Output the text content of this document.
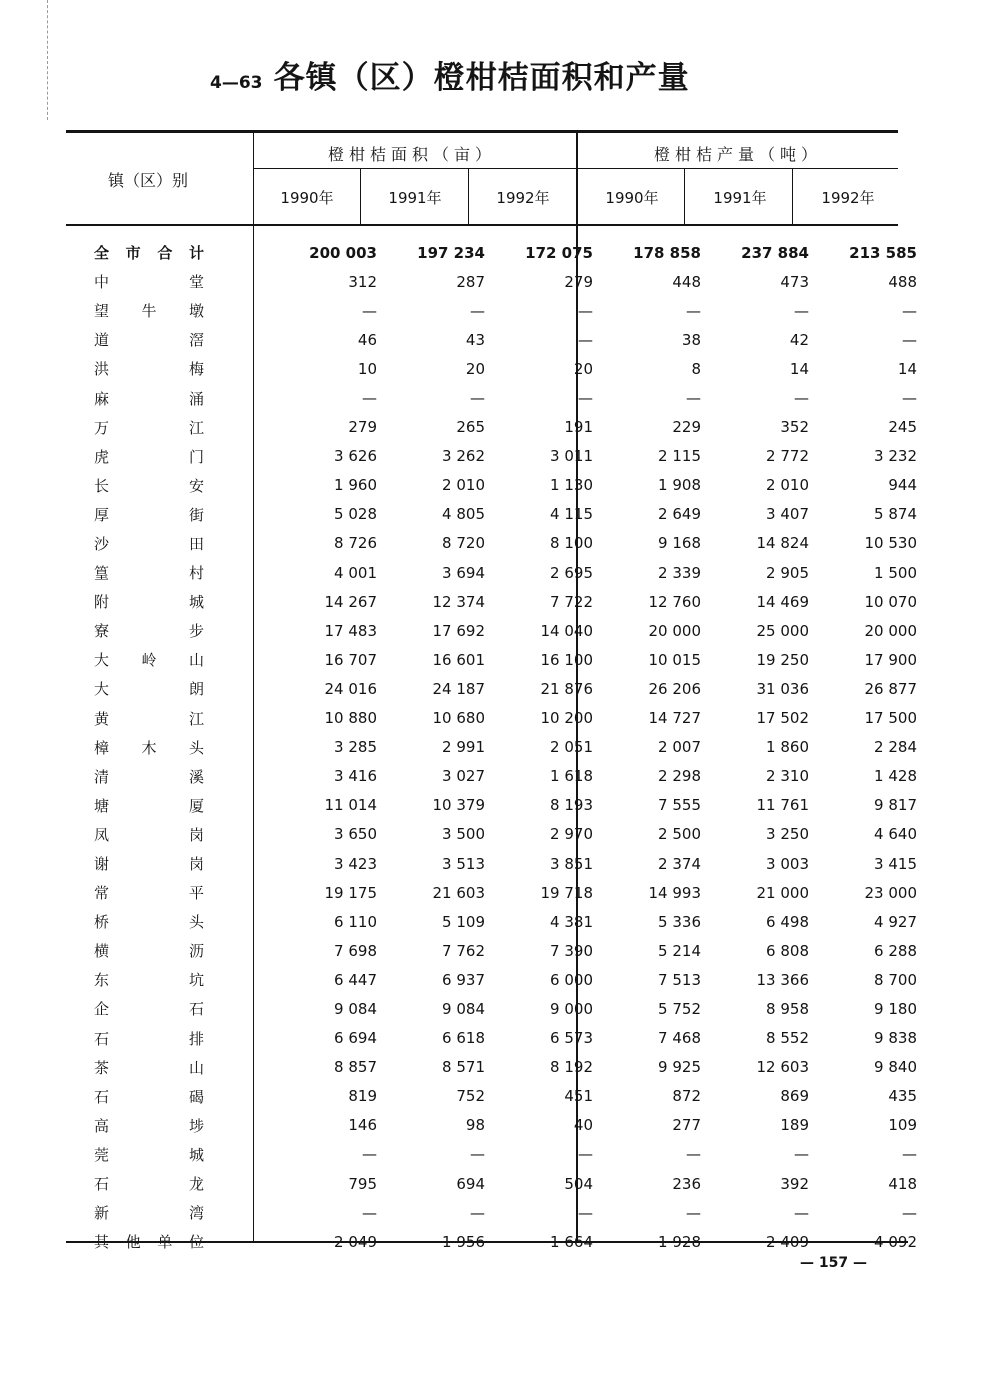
4—63 各镇（区）橙柑桔面积和产量
镇（区）别
橙柑桔面积（亩）	橙柑桔产量（吨）
1990年	1991年	1992年	1990年	1991年	1992年
全 市 合 计	200 003	197 234	172 075	178 858	237 884	213 585

中 堂	312	287	279	448	473	488

望 牛 墩	—	—	—	—	—	—

道 滘	46	43	—	38	42	—

洪 梅	10	20	20	8	14	14

麻 涌	—	—	—	—	—	—

万 江	279	265	191	229	352	245

虎 门	3 626	3 262	3 011	2 115	2 772	3 232

长 安	1 960	2 010	1 130	1 908	2 010	944

厚 街	5 028	4 805	4 115	2 649	3 407	5 874

沙 田	8 726	8 720	8 100	9 168	14 824	10 530

篁 村	4 001	3 694	2 695	2 339	2 905	1 500

附 城	14 267	12 374	7 722	12 760	14 469	10 070

寮 步	17 483	17 692	14 040	20 000	25 000	20 000

大 岭 山	16 707	16 601	16 100	10 015	19 250	17 900

大 朗	24 016	24 187	21 876	26 206	31 036	26 877

黄 江	10 880	10 680	10 200	14 727	17 502	17 500

樟 木 头	3 285	2 991	2 051	2 007	1 860	2 284

清 溪	3 416	3 027	1 618	2 298	2 310	1 428

塘 厦	11 014	10 379	8 193	7 555	11 761	9 817

凤 岗	3 650	3 500	2 970	2 500	3 250	4 640

谢 岗	3 423	3 513	3 851	2 374	3 003	3 415

常 平	19 175	21 603	19 718	14 993	21 000	23 000

桥 头	6 110	5 109	4 381	5 336	6 498	4 927

横 沥	7 698	7 762	7 390	5 214	6 808	6 288

东 坑	6 447	6 937	6 000	7 513	13 366	8 700

企 石	9 084	9 084	9 000	5 752	8 958	9 180

石 排	6 694	6 618	6 573	7 468	8 552	9 838

茶 山	8 857	8 571	8 192	9 925	12 603	9 840

石 碣	819	752	451	872	869	435

高 埗	146	98	40	277	189	109

莞 城	—	—	—	—	—	—

石 龙	795	694	504	236	392	418

新 湾	—	—	—	—	—	—

其 他 单 位	2 049	1 956	1 664	1 928	2 409	4 092
— 157 —
